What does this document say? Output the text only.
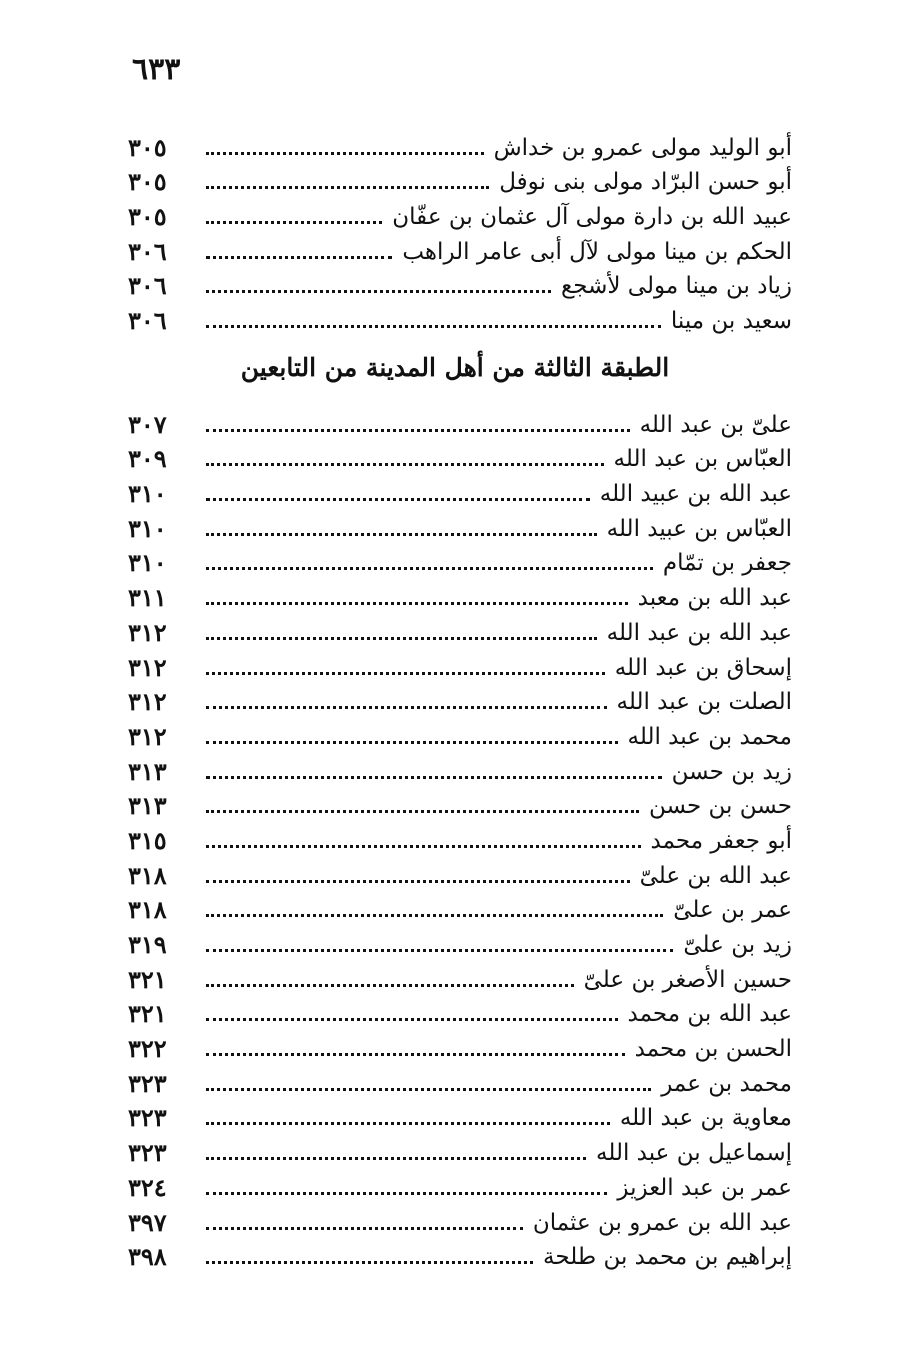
٦٣٣
أبو الوليد مولى عمرو بن خداش
٣٠٥
أبو حسن البرّاد مولى بنى نوفل
٣٠٥
عبيد الله بن دارة مولى آل عثمان بن عفّان
٣٠٥
الحكم بن مينا مولى لآل أبى عامر الراهب
٣٠٦
زياد بن مينا مولى لأشجع
٣٠٦
سعيد بن مينا
٣٠٦
الطبقة الثالثة من أهل المدينة من التابعين
علىّ بن عبد الله
٣٠٧
العبّاس بن عبد الله
٣٠٩
عبد الله بن عبيد الله
٣١٠
العبّاس بن عبيد الله
٣١٠
جعفر بن تمّام
٣١٠
عبد الله بن معبد
٣١١
عبد الله بن عبد الله
٣١٢
إسحاق بن عبد الله
٣١٢
الصلت بن عبد الله
٣١٢
محمد بن عبد الله
٣١٢
زيد بن حسن
٣١٣
حسن بن حسن
٣١٣
أبو جعفر محمد
٣١٥
عبد الله بن علىّ
٣١٨
عمر بن علىّ
٣١٨
زيد بن علىّ
٣١٩
حسين الأصغر بن علىّ
٣٢١
عبد الله بن محمد
٣٢١
الحسن بن محمد
٣٢٢
محمد بن عمر
٣٢٣
معاوية بن عبد الله
٣٢٣
إسماعيل بن عبد الله
٣٢٣
عمر بن عبد العزيز
٣٢٤
عبد الله بن عمرو بن عثمان
٣٩٧
إبراهيم بن محمد بن طلحة
٣٩٨
